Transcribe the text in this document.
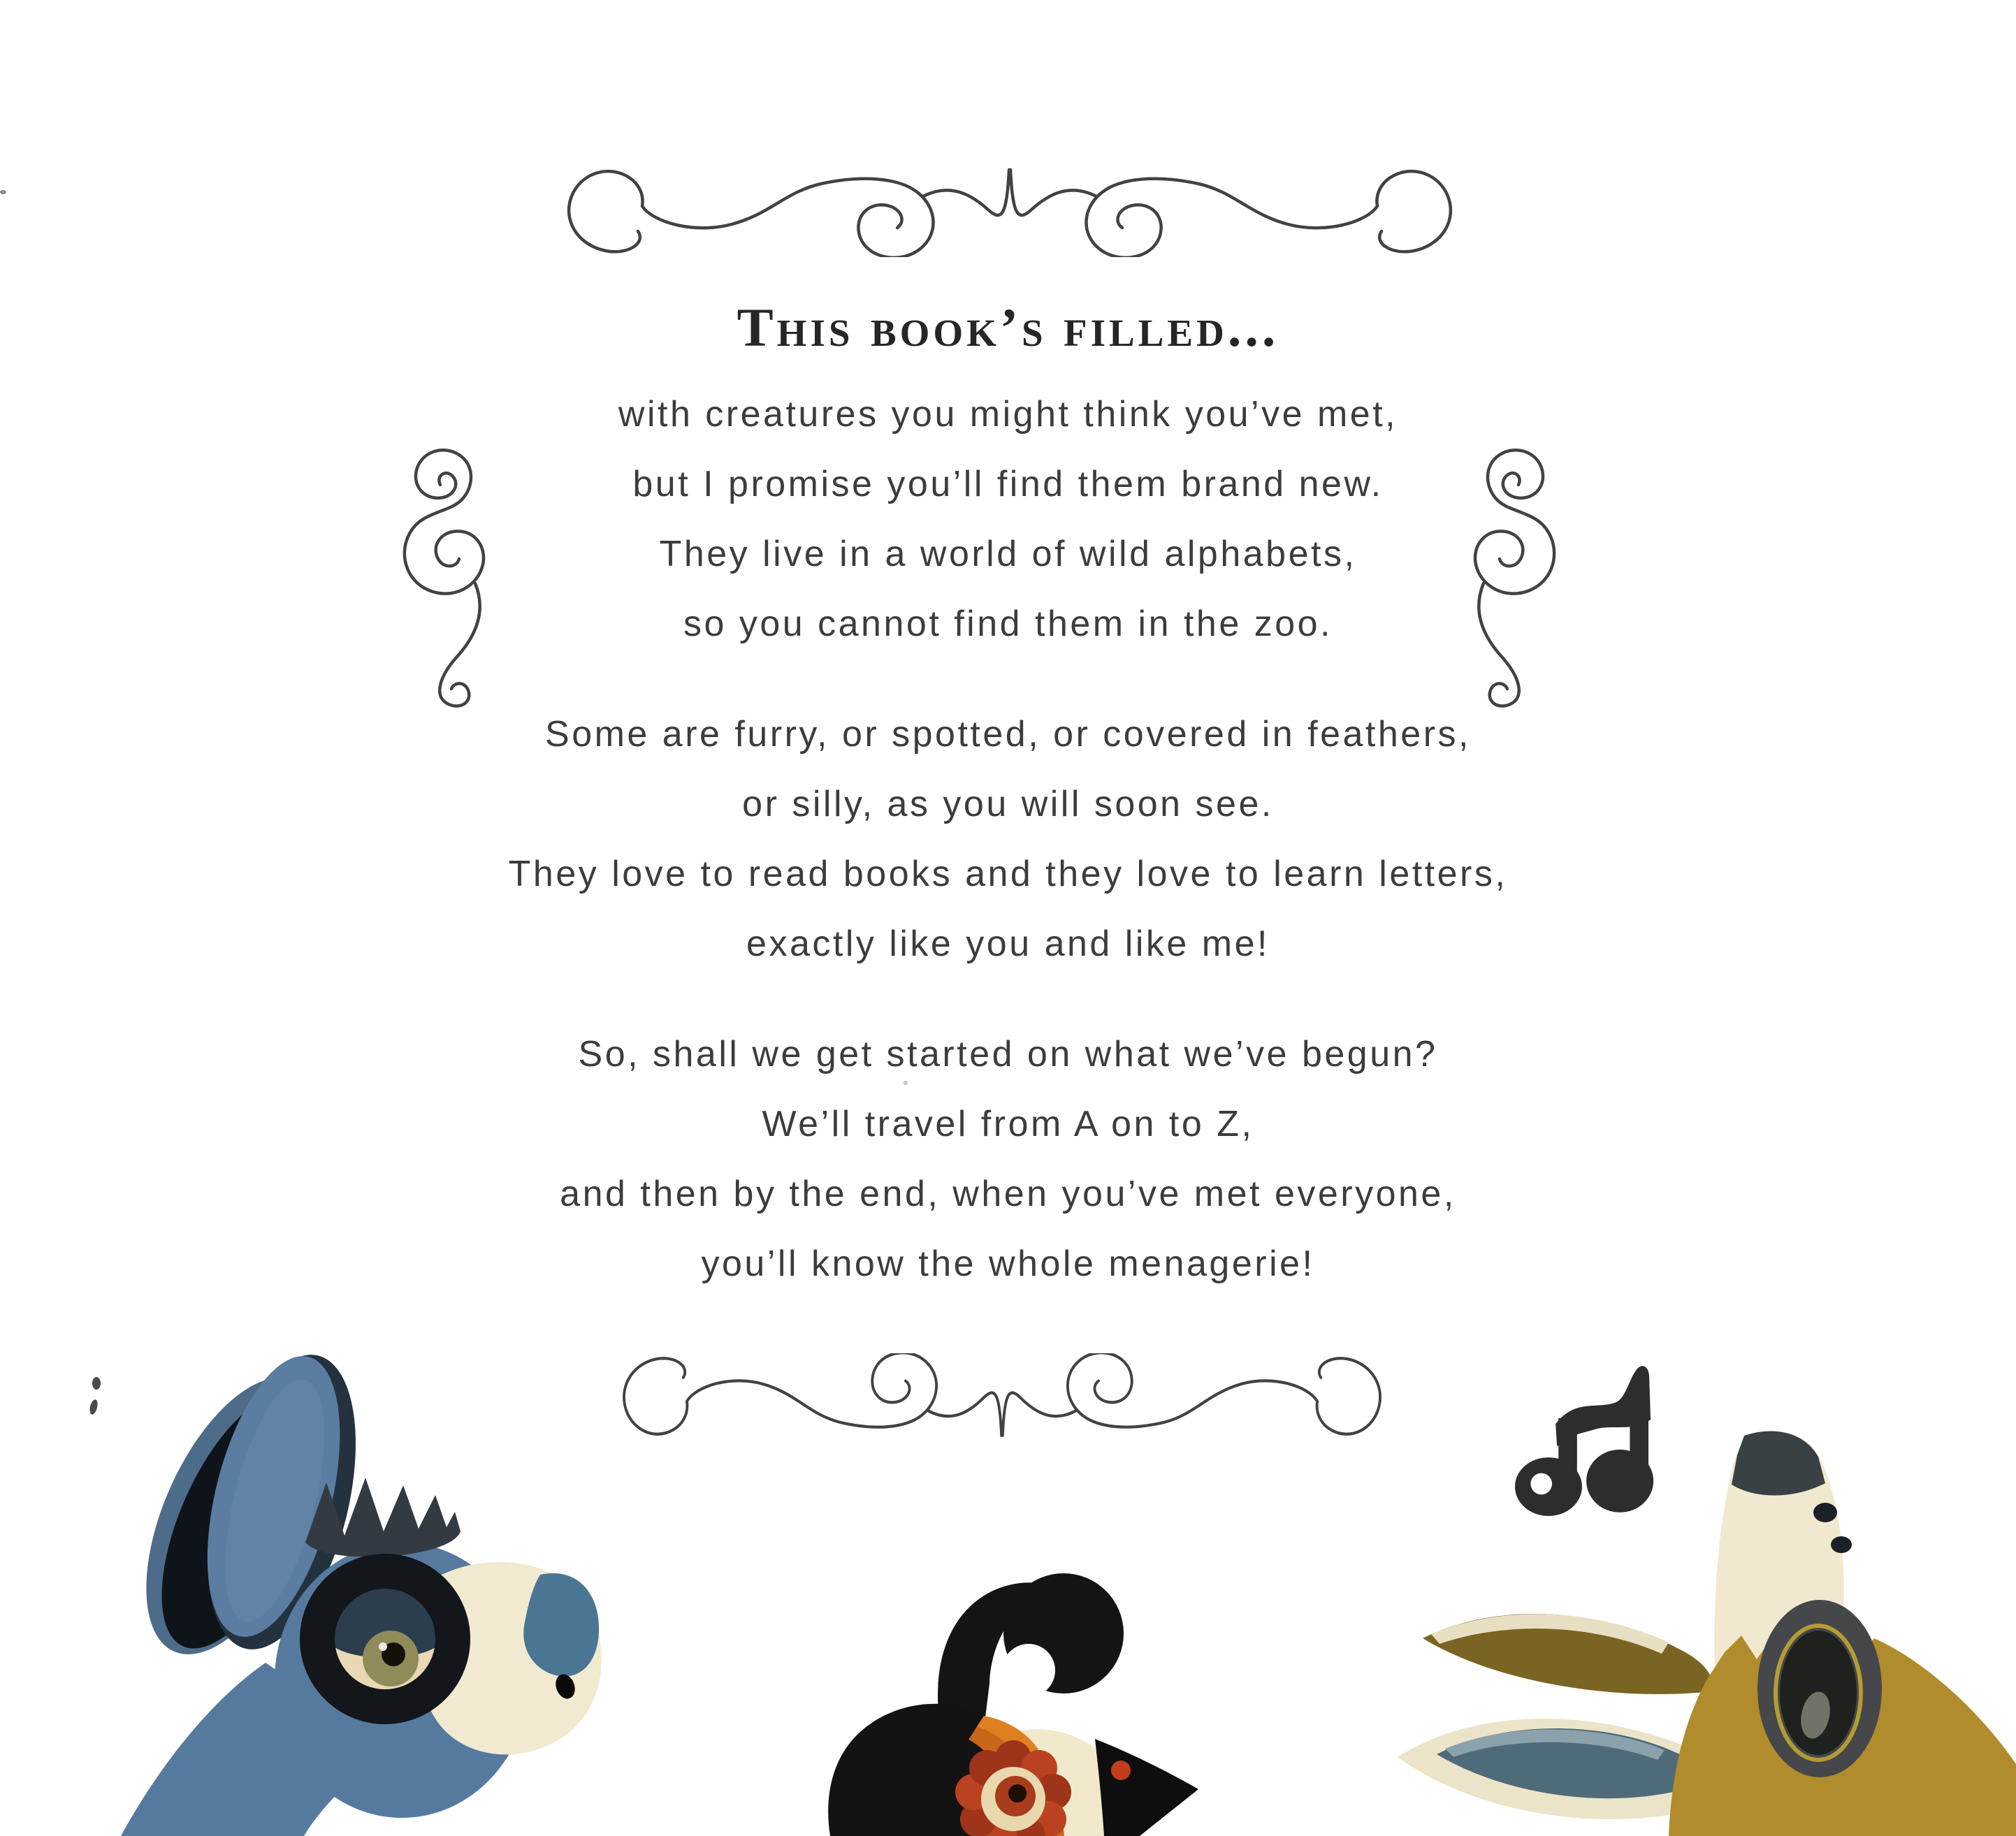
This book’s filled...

with creatures you might think you’ve met,

but I promise you’ll find them brand new.

They live in a world of wild alphabets,

so you cannot find them in the zoo.

Some are furry, or spotted, or covered in feathers,

or silly, as you will soon see.

They love to read books and they love to learn letters,

exactly like you and like me!

So, shall we get started on what we’ve begun?

We’ll travel from A on to Z,

and then by the end, when you’ve met everyone,

you’ll know the whole menagerie!
